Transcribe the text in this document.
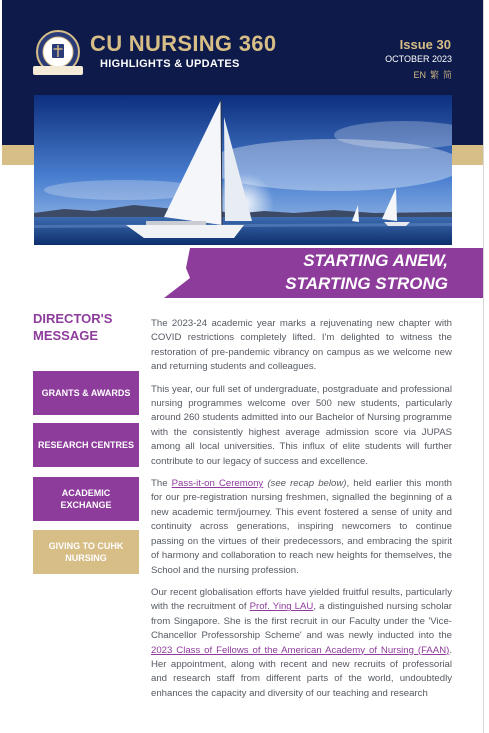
CU NURSING 360
HIGHLIGHTS & UPDATES
Issue 30
OCTOBER 2023
EN 繁 简
STARTING ANEW,
STARTING STRONG
DIRECTOR'S MESSAGE
GRANTS & AWARDS
RESEARCH CENTRES
ACADEMIC EXCHANGE
GIVING TO CUHK NURSING

The 2023-24 academic year marks a rejuvenating new chapter with COVID restrictions completely lifted. I'm delighted to witness the restoration of pre-pandemic vibrancy on campus as we welcome new and returning students and colleagues.

This year, our full set of undergraduate, postgraduate and professional nursing programmes welcome over 500 new students, particularly around 260 students admitted into our Bachelor of Nursing programme with the consistently highest average admission score via JUPAS among all local universities. This influx of elite students will further contribute to our legacy of success and excellence.

The Pass-it-on Ceremony (see recap below), held earlier this month for our pre-registration nursing freshmen, signalled the beginning of a new academic term/journey. This event fostered a sense of unity and continuity across generations, inspiring newcomers to continue passing on the virtues of their predecessors, and embracing the spirit of harmony and collaboration to reach new heights for themselves, the School and the nursing profession.

Our recent globalisation efforts have yielded fruitful results, particularly with the recruitment of Prof. Ying LAU, a distinguished nursing scholar from Singapore. She is the first recruit in our Faculty under the 'Vice-Chancellor Professorship Scheme' and was newly inducted into the 2023 Class of Fellows of the American Academy of Nursing (FAAN). Her appointment, along with recent and new recruits of professorial and research staff from different parts of the world, undoubtedly enhances the capacity and diversity of our teaching and research
